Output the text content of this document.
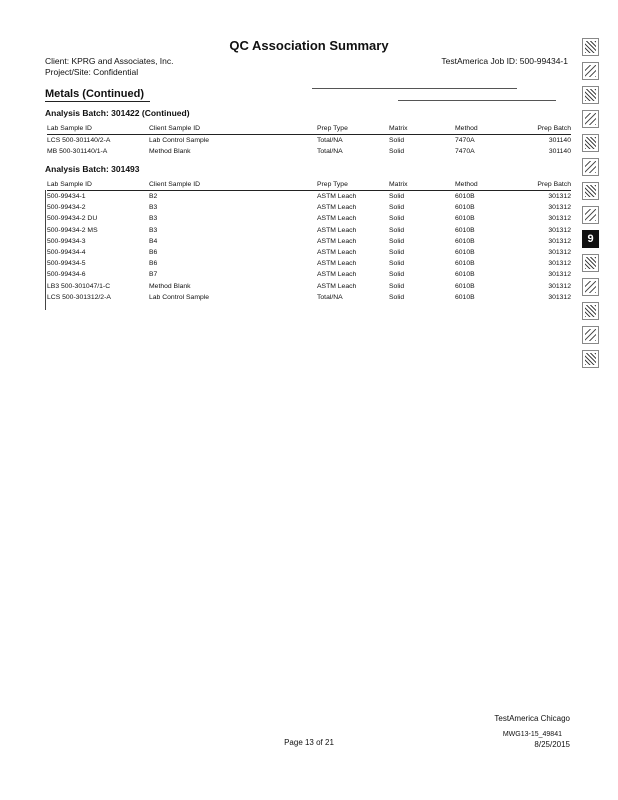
QC Association Summary
Client: KPRG and Associates, Inc.
Project/Site: Confidential
TestAmerica Job ID: 500-99434-1
Metals (Continued)
Analysis Batch: 301422 (Continued)
Lab Sample ID	Client Sample ID	Prep Type	Matrix	Method	Prep Batch
LCS 500-301140/2-A	Lab Control Sample	Total/NA	Solid	7470A	301140
MB 500-301140/1-A	Method Blank	Total/NA	Solid	7470A	301140
Analysis Batch: 301493
Lab Sample ID	Client Sample ID	Prep Type	Matrix	Method	Prep Batch
500-99434-1	B2	ASTM Leach	Solid	6010B	301312
500-99434-2	B3	ASTM Leach	Solid	6010B	301312
500-99434-2 DU	B3	ASTM Leach	Solid	6010B	301312
500-99434-2 MS	B3	ASTM Leach	Solid	6010B	301312
500-99434-3	B4	ASTM Leach	Solid	6010B	301312
500-99434-4	B6	ASTM Leach	Solid	6010B	301312
500-99434-5	B6	ASTM Leach	Solid	6010B	301312
500-99434-6	B7	ASTM Leach	Solid	6010B	301312
LB3 500-301047/1-C	Method Blank	ASTM Leach	Solid	6010B	301312
LCS 500-301312/2-A	Lab Control Sample	Total/NA	Solid	6010B	301312
9
TestAmerica Chicago
MWG13-15_49841
Page 13 of 21	8/25/2015
